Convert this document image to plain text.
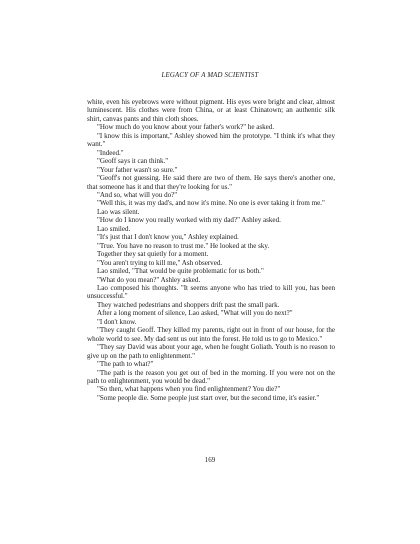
LEGACY OF A MAD SCIENTIST

white, even his eyebrows were without pigment. His eyes were bright and clear, almost luminescent. His clothes were from China, or at least Chinatown; an authentic silk shirt, canvas pants and thin cloth shoes.

"How much do you know about your father's work?" he asked.

"I know this is important," Ashley showed him the prototype. "I think it's what they want."

"Indeed."

"Geoff says it can think."

"Your father wasn't so sure."

"Geoff's not guessing. He said there are two of them. He says there's another one, that someone has it and that they're looking for us."

"And so, what will you do?"

"Well this, it was my dad's, and now it's mine. No one is ever taking it from me."

Lao was silent.

"How do I know you really worked with my dad?" Ashley asked.

Lao smiled.

"It's just that I don't know you," Ashley explained.

"True. You have no reason to trust me." He looked at the sky.

Together they sat quietly for a moment.

"You aren't trying to kill me," Ash observed.

Lao smiled, "That would be quite problematic for us both."

"What do you mean?" Ashley asked.

Lao composed his thoughts. "It seems anyone who has tried to kill you, has been unsuccessful."

They watched pedestrians and shoppers drift past the small park.

After a long moment of silence, Lao asked, "What will you do next?"

"I don't know.

"They caught Geoff. They killed my parents, right out in front of our house, for the whole world to see. My dad sent us out into the forest. He told us to go to Mexico."

"They say David was about your age, when he fought Goliath. Youth is no reason to give up on the path to enlightenment."

"The path to what?"

"The path is the reason you get out of bed in the morning. If you were not on the path to enlightenment, you would be dead."

"So then, what happens when you find enlightenment? You die?"

"Some people die. Some people just start over, but the second time, it's easier."

169
